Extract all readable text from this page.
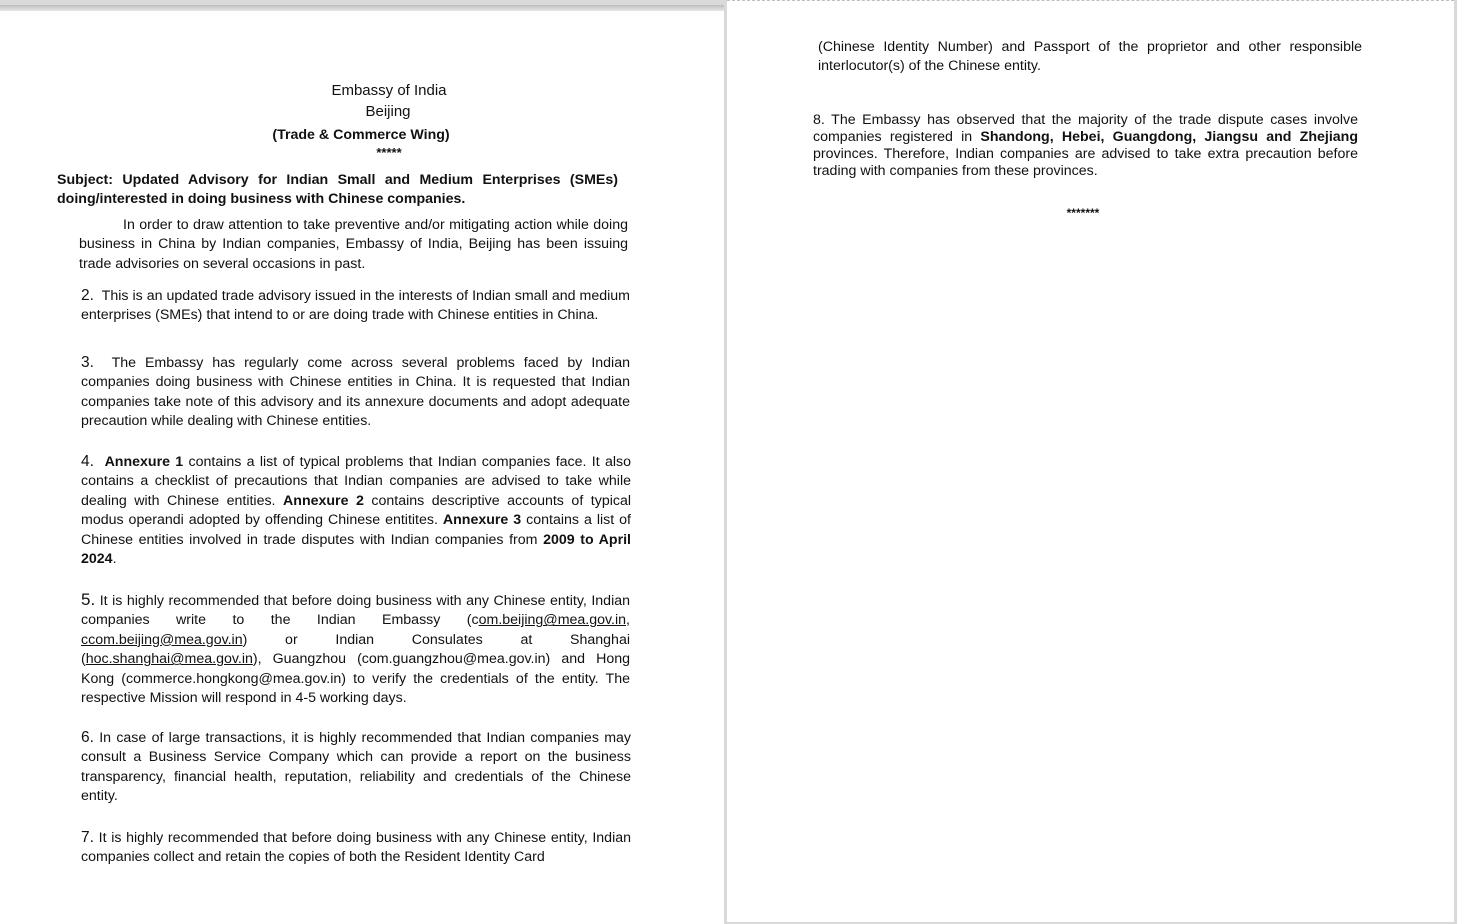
Embassy of India

Beijing

(Trade & Commerce Wing)

*****

Subject: Updated Advisory for Indian Small and Medium Enterprises (SMEs) doing/interested in doing business with Chinese companies.

In order to draw attention to take preventive and/or mitigating action while doing business in China by Indian companies, Embassy of India, Beijing has been issuing trade advisories on several occasions in past.

2. This is an updated trade advisory issued in the interests of Indian small and medium enterprises (SMEs) that intend to or are doing trade with Chinese entities in China.

3. The Embassy has regularly come across several problems faced by Indian companies doing business with Chinese entities in China. It is requested that Indian companies take note of this advisory and its annexure documents and adopt adequate precaution while dealing with Chinese entities.

4. Annexure 1 contains a list of typical problems that Indian companies face. It also contains a checklist of precautions that Indian companies are advised to take while dealing with Chinese entities. Annexure 2 contains descriptive accounts of typical modus operandi adopted by offending Chinese entitites. Annexure 3 contains a list of Chinese entities involved in trade disputes with Indian companies from 2009 to April 2024.

5. It is highly recommended that before doing business with any Chinese entity, Indian companies write to the Indian Embassy (com.beijing@mea.gov.in, ccom.beijing@mea.gov.in) or Indian Consulates at Shanghai (hoc.shanghai@mea.gov.in), Guangzhou (com.guangzhou@mea.gov.in) and Hong Kong (commerce.hongkong@mea.gov.in) to verify the credentials of the entity. The respective Mission will respond in 4-5 working days.

6. In case of large transactions, it is highly recommended that Indian companies may consult a Business Service Company which can provide a report on the business transparency, financial health, reputation, reliability and credentials of the Chinese entity.

7. It is highly recommended that before doing business with any Chinese entity, Indian companies collect and retain the copies of both the Resident Identity Card

(Chinese Identity Number) and Passport of the proprietor and other responsible interlocutor(s) of the Chinese entity.

8. The Embassy has observed that the majority of the trade dispute cases involve companies registered in Shandong, Hebei, Guangdong, Jiangsu and Zhejiang provinces. Therefore, Indian companies are advised to take extra precaution before trading with companies from these provinces.

*******
